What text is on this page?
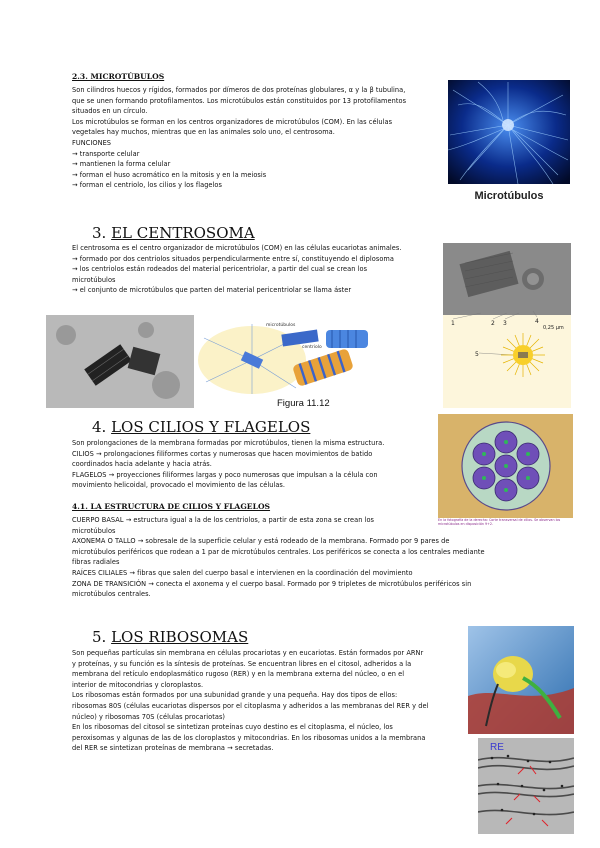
2.3. MICROTÚBULOS
Son cilindros huecos y rígidos, formados por dímeros de dos proteínas globulares, α y la β tubulina,
que se unen formando protofilamentos. Los microtúbulos están constituidos por 13 protofilamentos
situados en un círculo.
Los microtúbulos se forman en los centros organizadores de microtúbulos (COM). En las células
vegetales hay muchos, mientras que en las animales solo uno, el centrosoma.
FUNCIONES
→ transporte celular
→ mantienen la forma celular
→ forman el huso acromático en la mitosis y en la meiosis
→ forman el centriolo, los cilios y los flagelos
Microtúbulos
3. EL CENTROSOMA
El centrosoma es el centro organizador de microtúbulos (COM) en las células eucariotas animales.
→ formado por dos centriolos situados perpendicularmente entre sí, constituyendo el diplosoma
→ los centriolos están rodeados del material pericentriolar, a partir del cual se crean los
microtúbulos
→ el conjunto de microtúbulos que parten del material pericentriolar se llama áster
1	2 3	4
5
0,25 μm
microtúbulos
centriolo
Figura 11.12
4. LOS CILIOS Y FLAGELOS
Son prolongaciones de la membrana formadas por microtúbulos, tienen la misma estructura.
CILIOS → prolongaciones filiformes cortas y numerosas que hacen movimientos de batido
coordinados hacia adelante y hacia atrás.
FLAGELOS → proyecciones filiformes largas y poco numerosas que impulsan a la célula con
movimiento helicoidal, provocado el movimiento de las células.
4.1. LA ESTRUCTURA DE CILIOS Y FLAGELOS
CUERPO BASAL → estructura igual a la de los centriolos, a partir de esta zona se crean los
microtúbulos
AXONEMA O TALLO → sobresale de la superficie celular y está rodeado de la membrana. Formado por 9 pares de
microtúbulos periféricos que rodean a 1 par de microtúbulos centrales. Los periféricos se conecta a los centrales mediante
fibras radiales
RAÍCES CILIALES → fibras que salen del cuerpo basal e intervienen en la coordinación del movimiento
ZONA DE TRANSICIÓN → conecta el axonema y el cuerpo basal. Formado por 9 tripletes de microtúbulos periféricos sin
microtúbulos centrales.
En la fotografía de la derecha: Corte transversal de cilios. Se observan los microtúbulos en disposición 9+2.
5. LOS RIBOSOMAS
Son pequeñas partículas sin membrana en células procariotas y en eucariotas. Están formados por ARNr
y proteínas, y su función es la síntesis de proteínas. Se encuentran libres en el citosol, adheridos a la
membrana del retículo endoplasmático rugoso (RER) y en la membrana externa del núcleo, o en el
interior de mitocondrias y cloroplastos.
Los ribosomas están formados por una subunidad grande y una pequeña. Hay dos tipos de ellos:
ribosomas 80S (células eucariotas dispersos por el citoplasma y adheridos a las membranas del RER y del
núcleo) y ribosomas 70S (células procariotas)
En los ribosomas del citosol se sintetizan proteínas cuyo destino es el citoplasma, el núcleo, los
peroxisomas y algunas de las de los cloroplastos y mitocondrias. En los ribosomas unidos a la membrana
del RER se sintetizan proteínas de membrana → secretadas.	RE
